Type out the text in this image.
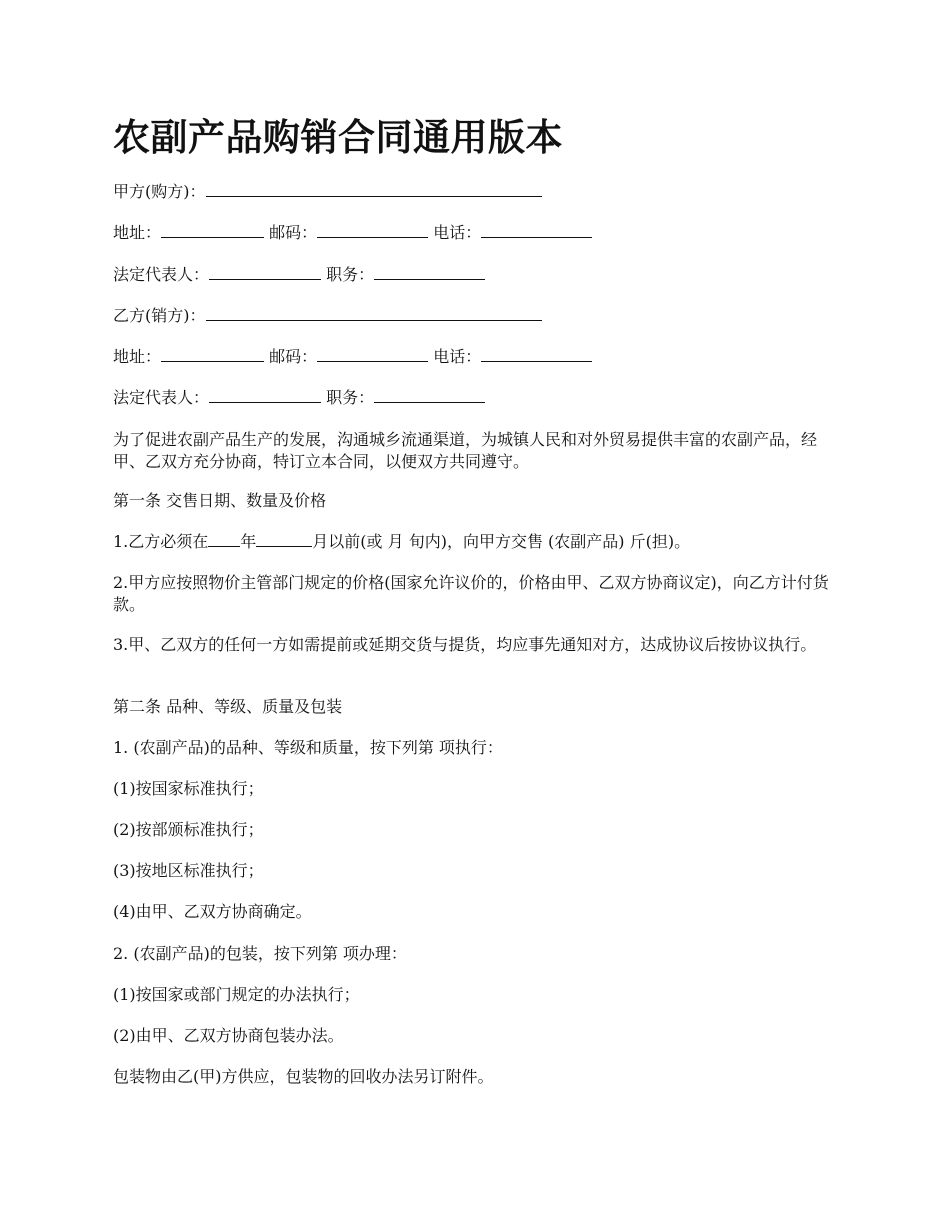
农副产品购销合同通用版本

甲方(购方)：

地址：	邮码：	电话：

法定代表人：	职务：

乙方(销方)：

地址：	邮码：	电话：

法定代表人：	职务：

为了促进农副产品生产的发展，沟通城乡流通渠道，为城镇人民和对外贸易提供丰富的农副产品，经甲、乙双方充分协商，特订立本合同，以便双方共同遵守。

第一条 交售日期、数量及价格

1.乙方必须在 年	月以前(或 月 旬内)，向甲方交售 (农副产品) 斤(担)。

2.甲方应按照物价主管部门规定的价格(国家允许议价的，价格由甲、乙双方协商议定)，向乙方计付货款。

3.甲、乙双方的任何一方如需提前或延期交货与提货，均应事先通知对方，达成协议后按协议执行。

第二条 品种、等级、质量及包装

1. (农副产品)的品种、等级和质量，按下列第 项执行：

(1)按国家标准执行；

(2)按部颁标准执行；

(3)按地区标准执行；

(4)由甲、乙双方协商确定。

2. (农副产品)的包装，按下列第 项办理：

(1)按国家或部门规定的办法执行；

(2)由甲、乙双方协商包装办法。

包装物由乙(甲)方供应，包装物的回收办法另订附件。
